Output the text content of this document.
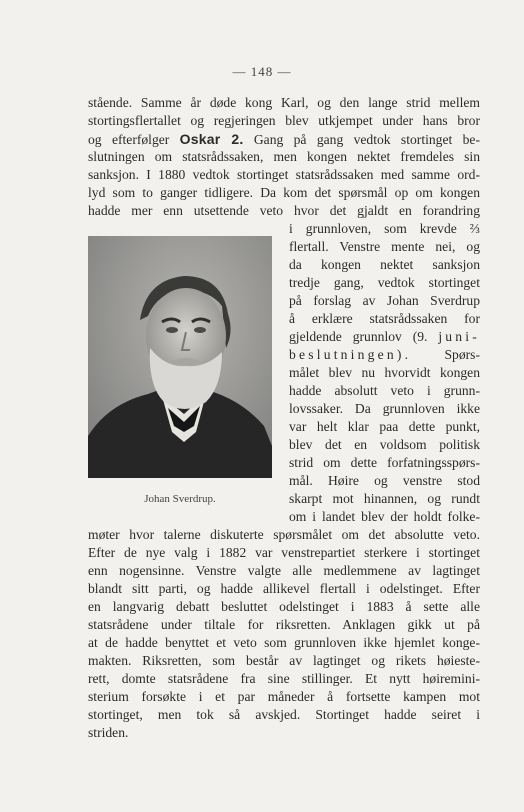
— 148 —
stående. Samme år døde kong Karl, og den lange strid mellem
stortingsflertallet og regjeringen blev utkjempet under hans bror
og efterfølger Oskar 2. Gang på gang vedtok stortinget be-
slutningen om statsrådssaken, men kongen nektet fremdeles sin
sanksjon. I 1880 vedtok stortinget statsrådssaken med samme ord-
lyd som to ganger tidligere. Da kom det spørsmål op om kongen
hadde mer enn utsettende veto hvor det gjaldt en forandring
i grunnloven, som krevde ⅔
flertall. Venstre mente nei, og
da kongen nektet sanksjon
tredje gang, vedtok stortinget
på forslag av Johan Sverdrup
å erklære statsrådssaken for
gjeldende grunnlov (9. juni-
beslutningen). Spørs-
målet blev nu hvorvidt kongen
hadde absolutt veto i grunn-
lovssaker. Da grunnloven ikke
var helt klar paa dette punkt,
blev det en voldsom politisk
strid om dette forfatningsspørs-
mål. Høire og venstre stod
skarpt mot hinannen, og rundt
om i landet blev der holdt folke-
Johan Sverdrup.
møter hvor talerne diskuterte spørsmålet om det absolutte veto.
Efter de nye valg i 1882 var venstrepartiet sterkere i stortinget
enn nogensinne. Venstre valgte alle medlemmene av lagtinget
blandt sitt parti, og hadde allikevel flertall i odelstinget. Efter
en langvarig debatt besluttet odelstinget i 1883 å sette alle
statsrådene under tiltale for riksretten. Anklagen gikk ut på
at de hadde benyttet et veto som grunnloven ikke hjemlet konge-
makten. Riksretten, som består av lagtinget og rikets høieste-
rett, domte statsrådene fra sine stillinger. Et nytt høiremini-
sterium forsøkte i et par måneder å fortsette kampen mot
stortinget, men tok så avskjed. Stortinget hadde seiret i
striden.
